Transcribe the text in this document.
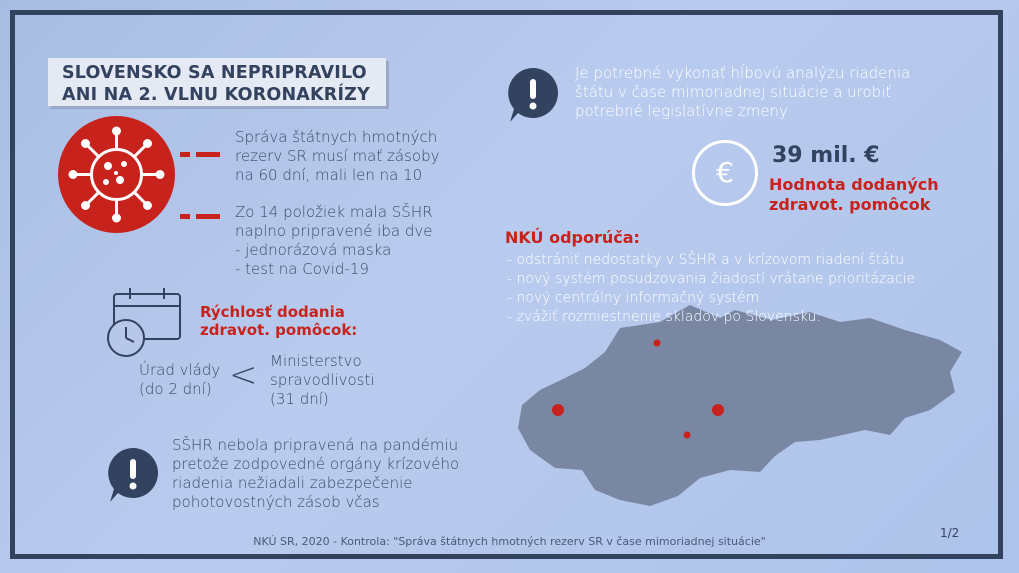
SLOVENSKO SA NEPRIPRAVILO
ANI NA 2. VLNU KORONAKRÍZY
Správa štátnych hmotných
rezerv SR musí mať zásoby
na 60 dní, mali len na 10
Zo 14 položiek mala SŠHR
naplno pripravené iba dve
- jednorázová maska
- test na Covid-19
Rýchlosť dodania
zdravot. pomôcok:
Úrad vlády
(do 2 dní) < Ministerstvo
spravodlivosti
(31 dní)
SŠHR nebola pripravená na pandémiu
pretože zodpovedné orgány krízového
riadenia nežiadali zabezpečenie
pohotovostných zásob včas
Je potrebné vykonať hĺbovú analýzu riadenia
štátu v čase mimoriadnej situácie a urobiť
potrebné legislatívne zmeny
€
39 mil. €
Hodnota dodaných
zdravot. pomôcok
NKÚ odporúča:
- odstrániť nedostatky v SŠHR a v krízovom riadení štátu
- nový systém posudzovania žiadostí vrátane prioritázacie
- nový centrálny informačný systém
- zvážiť rozmiestnenie skladov po Slovensku:
NKÚ SR, 2020 - Kontrola: "Správa štátnych hmotných rezerv SR v čase mimoriadnej situácie"
1/2
